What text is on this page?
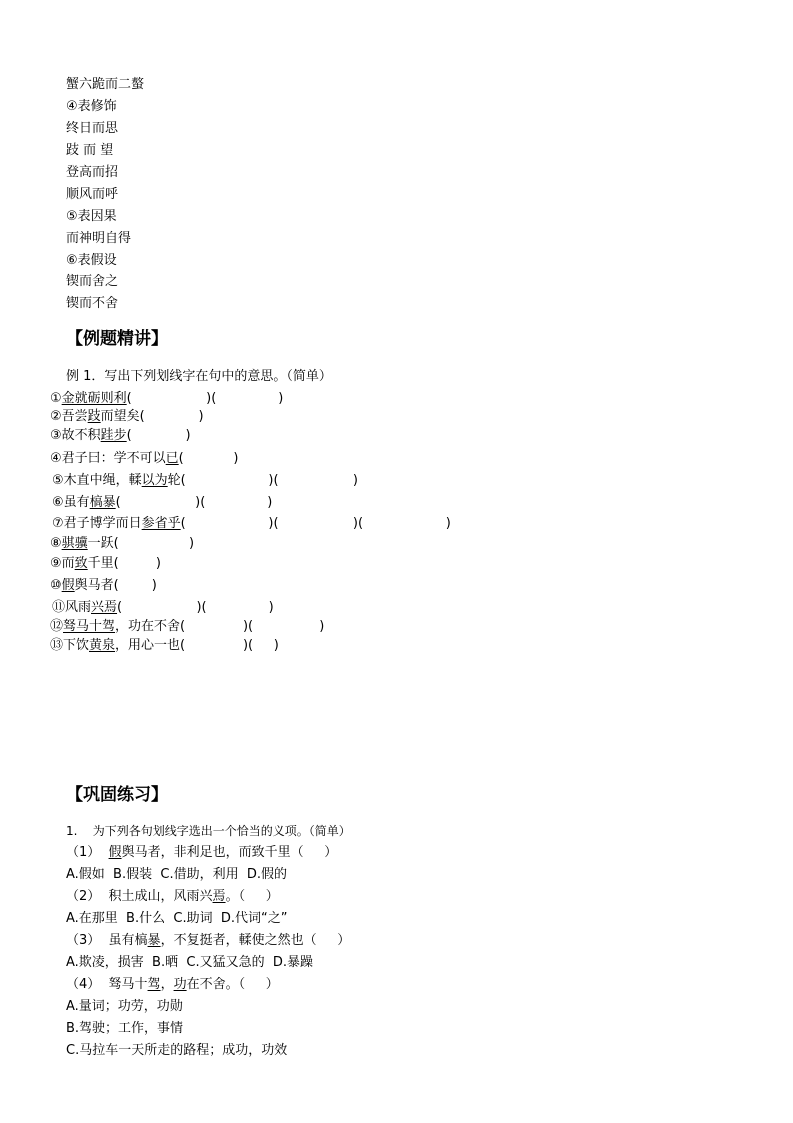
蟹六跪而二螯
④表修饰
终日而思
跂 而 望
登高而招
顺风而呼
⑤表因果
而神明自得
⑥表假设
锲而舍之
锲而不舍
【例题精讲】
例 1．写出下列划线字在句中的意思。（简单）
①金就砺则利(                  )(               )
②吾尝跂而望矣(             )
③故不积跬步(             )
④君子曰：学不可以已(            )
⑤木直中绳，輮以为轮(                    )(                  )
⑥虽有槁暴(                  )(               )
⑦君子博学而日参省乎(                    )(                  )(                    )
⑧骐骥一跃(                 )
⑨而致千里(         )
⑩假舆马者(        )
⑪风雨兴焉(                  )(               )
⑫驽马十驾，功在不舍(              )(                )
⑬下饮黄泉，用心一也(              )(     )
【巩固练习】
1.    为下列各句划线字选出一个恰当的义项。（简单）
（1）  假舆马者，非利足也，而致千里（     ）
A.假如  B.假装  C.借助，利用  D.假的
（2）  积土成山，风雨兴焉。（     ）
A.在那里  B.什么  C.助词  D.代词“之”
（3）  虽有槁暴，不复挺者，輮使之然也（     ）
A.欺凌，损害  B.晒  C.又猛又急的  D.暴躁
（4）  驽马十驾，功在不舍。（     ）
A.量词；功劳，功勋
B.驾驶；工作，事情
C.马拉车一天所走的路程；成功，功效
